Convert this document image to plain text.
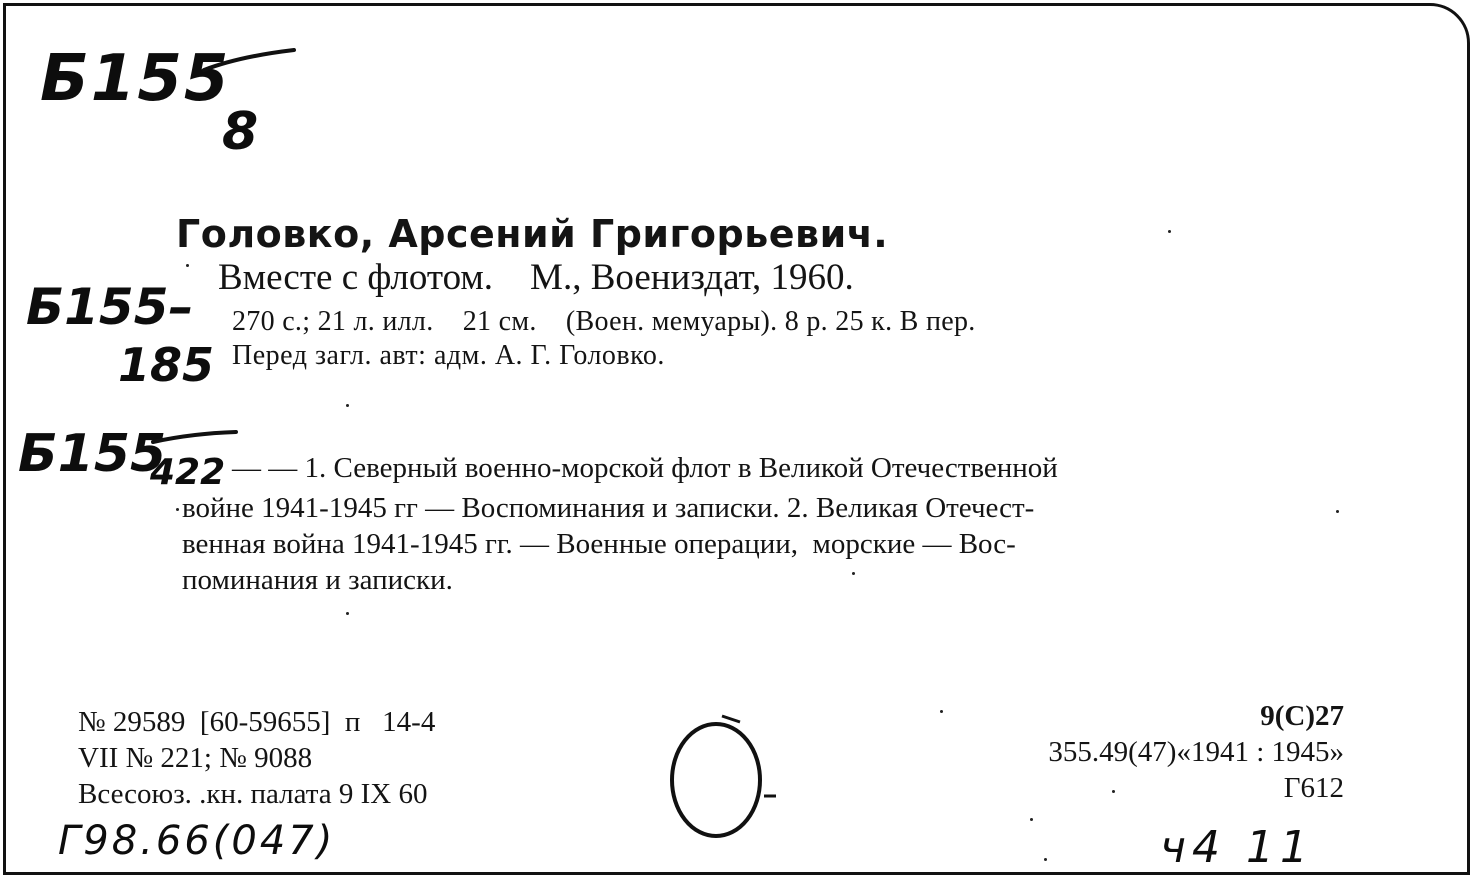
Б155
8
Б155–
185
Б155
422
Головко, Арсений Григорьевич.
Вместе с флотом.    М., Воениздат, 1960.
270 с.; 21 л. илл.    21 см.    (Воен. мемуары). 8 р. 25 к. В пер.
Перед загл. авт: адм. А. Г. Головко.
— — 1. Северный военно-морской флот в Великой Отечественной
войне 1941-1945 гг — Воспоминания и записки. 2. Великая Отечест-
венная война 1941-1945 гг. — Военные операции,  морские — Вос-
поминания и записки.
№ 29589  [60-59655]  п   14-4
VII № 221; № 9088
Всесоюз. .кн. палата 9 IX 60
9(С)27
355.49(47)«1941 : 1945»
Г612
Г98.66(047)	ч4 11
